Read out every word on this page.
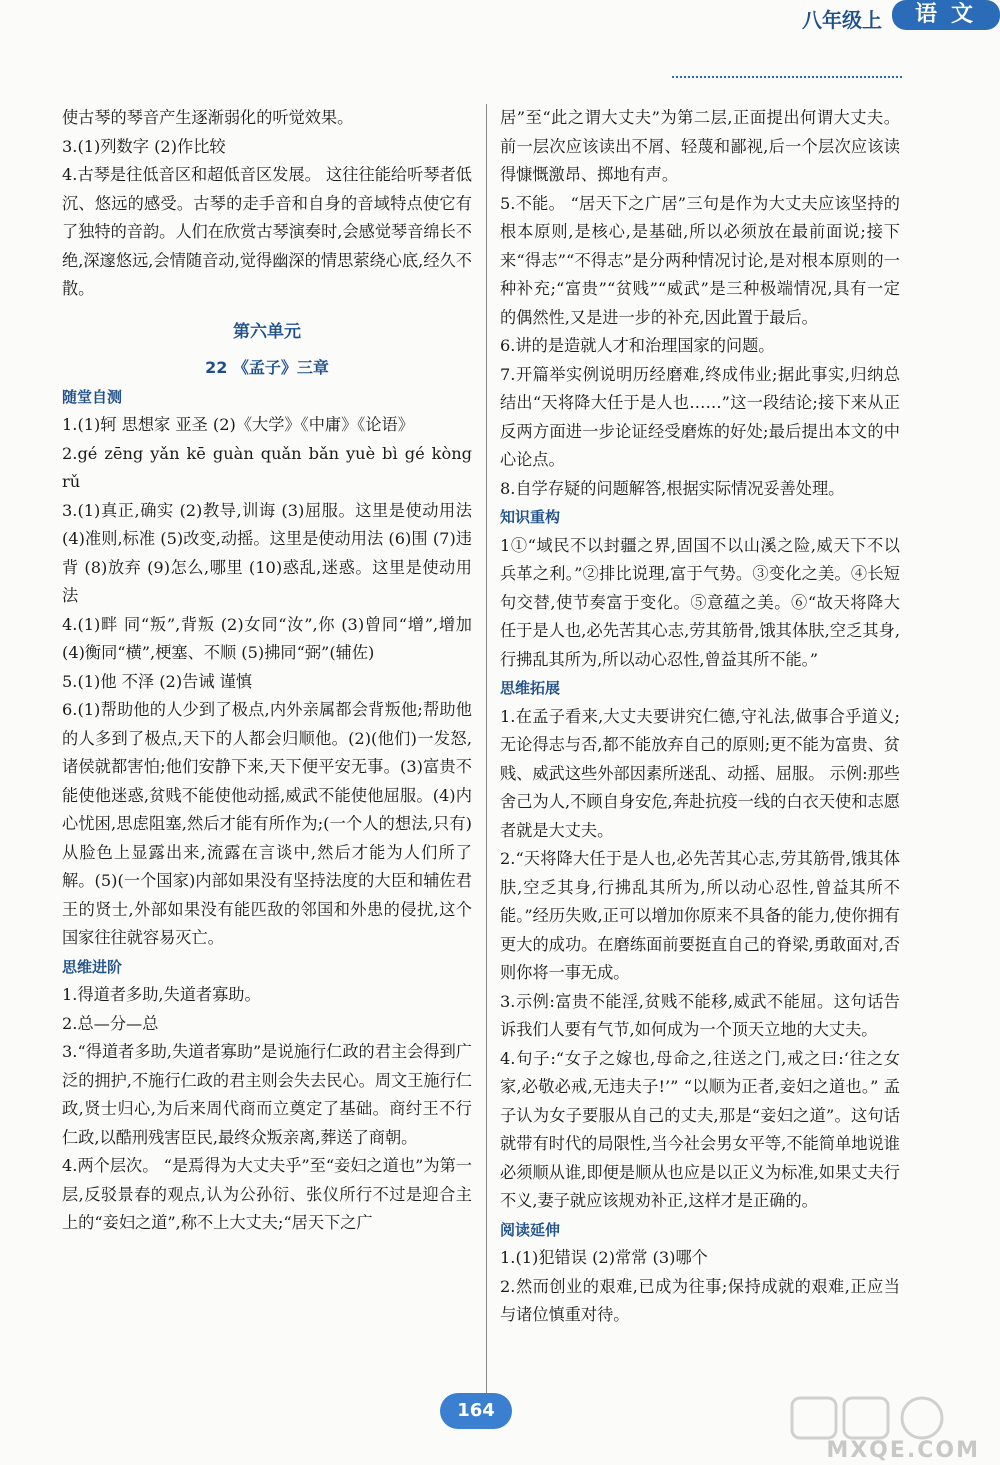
八年级上	语文
使古琴的琴音产生逐渐弱化的听觉效果。
3.(1)列数字 (2)作比较
4.古琴是往低音区和超低音区发展。 这往往能给听琴者低沉、悠远的感受。古琴的走手音和自身的音域特点使它有了独特的音韵。人们在欣赏古琴演奏时,会感觉琴音绵长不绝,深邃悠远,会情随音动,觉得幽深的情思萦绕心底,经久不散。
第六单元
22 《孟子》三章
随堂自测
1.(1)轲 思想家 亚圣 (2)《大学》《中庸》《论语》
2.gé zēng yǎn kē guàn quǎn bǎn yuè bì gé kòng rǔ
3.(1)真正,确实 (2)教导,训诲 (3)屈服。这里是使动用法 (4)准则,标准 (5)改变,动摇。这里是使动用法 (6)围 (7)违背 (8)放弃 (9)怎么,哪里 (10)惑乱,迷惑。这里是使动用法
4.(1)畔 同“叛”,背叛 (2)女同“汝”,你 (3)曾同“增”,增加 (4)衡同“横”,梗塞、不顺 (5)拂同“弼”(辅佐)
5.(1)他 不泽 (2)告诫 谨慎
6.(1)帮助他的人少到了极点,内外亲属都会背叛他;帮助他的人多到了极点,天下的人都会归顺他。(2)(他们)一发怒,诸侯就都害怕;他们安静下来,天下便平安无事。(3)富贵不能使他迷惑,贫贱不能使他动摇,威武不能使他屈服。(4)内心忧困,思虑阻塞,然后才能有所作为;(一个人的想法,只有)从脸色上显露出来,流露在言谈中,然后才能为人们所了解。(5)(一个国家)内部如果没有坚持法度的大臣和辅佐君王的贤士,外部如果没有能匹敌的邻国和外患的侵扰,这个国家往往就容易灭亡。
思维进阶
1.得道者多助,失道者寡助。
2.总—分—总
3.“得道者多助,失道者寡助”是说施行仁政的君主会得到广泛的拥护,不施行仁政的君主则会失去民心。周文王施行仁政,贤士归心,为后来周代商而立奠定了基础。商纣王不行仁政,以酷刑残害臣民,最终众叛亲离,葬送了商朝。
4.两个层次。 “是焉得为大丈夫乎”至“妾妇之道也”为第一层,反驳景春的观点,认为公孙衍、张仪所行不过是迎合主上的“妾妇之道”,称不上大丈夫;“居天下之广
居”至“此之谓大丈夫”为第二层,正面提出何谓大丈夫。前一层次应该读出不屑、轻蔑和鄙视,后一个层次应该读得慷慨激昂、掷地有声。
5.不能。 “居天下之广居”三句是作为大丈夫应该坚持的根本原则,是核心,是基础,所以必须放在最前面说;接下来“得志”“不得志”是分两种情况讨论,是对根本原则的一种补充;“富贵”“贫贱”“威武”是三种极端情况,具有一定的偶然性,又是进一步的补充,因此置于最后。
6.讲的是造就人才和治理国家的问题。
7.开篇举实例说明历经磨难,终成伟业;据此事实,归纳总结出“天将降大任于是人也……”这一段结论;接下来从正反两方面进一步论证经受磨炼的好处;最后提出本文的中心论点。
8.自学存疑的问题解答,根据实际情况妥善处理。
知识重构
1①“域民不以封疆之界,固国不以山溪之险,威天下不以兵革之利。”②排比说理,富于气势。③变化之美。④长短句交替,使节奏富于变化。⑤意蕴之美。⑥“故天将降大任于是人也,必先苦其心志,劳其筋骨,饿其体肤,空乏其身,行拂乱其所为,所以动心忍性,曾益其所不能。”
思维拓展
1.在孟子看来,大丈夫要讲究仁德,守礼法,做事合乎道义;无论得志与否,都不能放弃自己的原则;更不能为富贵、贫贱、威武这些外部因素所迷乱、动摇、屈服。 示例:那些舍己为人,不顾自身安危,奔赴抗疫一线的白衣天使和志愿者就是大丈夫。
2.“天将降大任于是人也,必先苦其心志,劳其筋骨,饿其体肤,空乏其身,行拂乱其所为,所以动心忍性,曾益其所不能。”经历失败,正可以增加你原来不具备的能力,使你拥有更大的成功。在磨练面前要挺直自己的脊梁,勇敢面对,否则你将一事无成。
3.示例:富贵不能淫,贫贱不能移,威武不能屈。这句话告诉我们人要有气节,如何成为一个顶天立地的大丈夫。
4.句子:“女子之嫁也,母命之,往送之门,戒之曰:‘往之女家,必敬必戒,无违夫子!’” “以顺为正者,妾妇之道也。” 孟子认为女子要服从自己的丈夫,那是“妾妇之道”。这句话就带有时代的局限性,当今社会男女平等,不能简单地说谁必须顺从谁,即便是顺从也应是以正义为标准,如果丈夫行不义,妻子就应该规劝补正,这样才是正确的。
阅读延伸
1.(1)犯错误 (2)常常 (3)哪个
2.然而创业的艰难,已成为往事;保持成就的艰难,正应当与诸位慎重对待。
164
MXQE.COM
